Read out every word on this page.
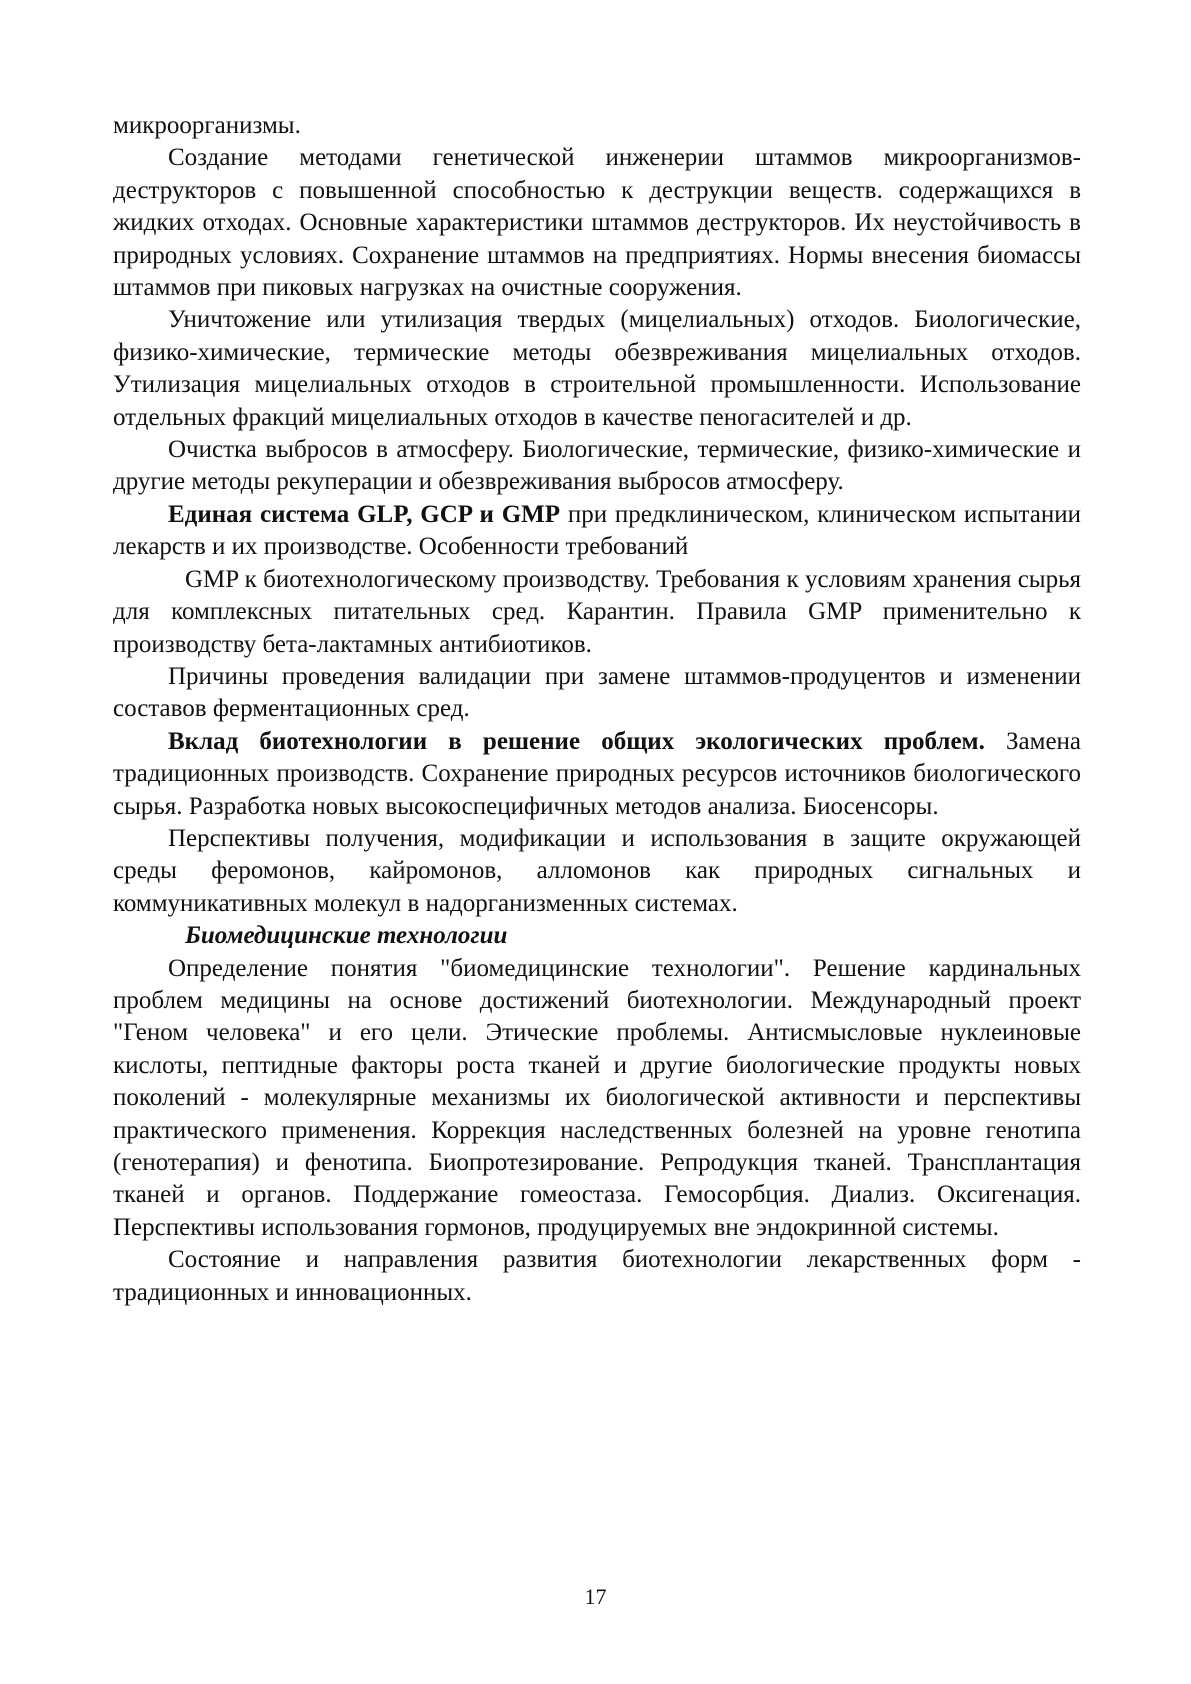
микроорганизмы.

Создание методами генетической инженерии штаммов микроорганизмов-деструкторов с повышенной способностью к деструкции веществ. содержащихся в жидких отходах. Основные характеристики штаммов деструкторов. Их неустойчивость в природных условиях. Сохранение штаммов на предприятиях. Нормы внесения биомассы штаммов при пиковых нагрузках на очистные сооружения.

Уничтожение или утилизация твердых (мицелиальных) отходов. Биологические, физико-химические, термические методы обезвреживания мицелиальных отходов. Утилизация мицелиальных отходов в строительной промышленности. Использование отдельных фракций мицелиальных отходов в качестве пеногасителей и др.

Очистка выбросов в атмосферу. Биологические, термические, физико-химические и другие методы рекуперации и обезвреживания выбросов атмосферу.

Единая система GLP, GCP и GMP при предклиническом, клиническом испытании лекарств и их производстве. Особенности требований

GMP к биотехнологическому производству. Требования к условиям хранения сырья для комплексных питательных сред. Карантин. Правила GMP применительно к производству бета-лактамных антибиотиков.

Причины проведения валидации при замене штаммов-продуцентов и изменении составов ферментационных сред.

Вклад биотехнологии в решение общих экологических проблем. Замена традиционных производств. Сохранение природных ресурсов источников биологического сырья. Разработка новых высокоспецифичных методов анализа. Биосенсоры.

Перспективы получения, модификации и использования в защите окружающей среды феромонов, кайромонов, алломонов как природных сигнальных и коммуникативных молекул в надорганизменных системах.

Биомедицинские технологии

Определение понятия "биомедицинские технологии". Решение кардинальных проблем медицины на основе достижений биотехнологии. Международный проект "Геном человека" и его цели. Этические проблемы. Антисмысловые нуклеиновые кислоты, пептидные факторы роста тканей и другие биологические продукты новых поколений - молекулярные механизмы их биологической активности и перспективы практического применения. Коррекция наследственных болезней на уровне генотипа (генотерапия) и фенотипа. Биопротезирование. Репродукция тканей. Трансплантация тканей и органов. Поддержание гомеостаза. Гемосорбция. Диализ. Оксигенация. Перспективы использования гормонов, продуцируемых вне эндокринной системы.

Состояние и направления развития биотехнологии лекарственных форм - традиционных и инновационных.

17
